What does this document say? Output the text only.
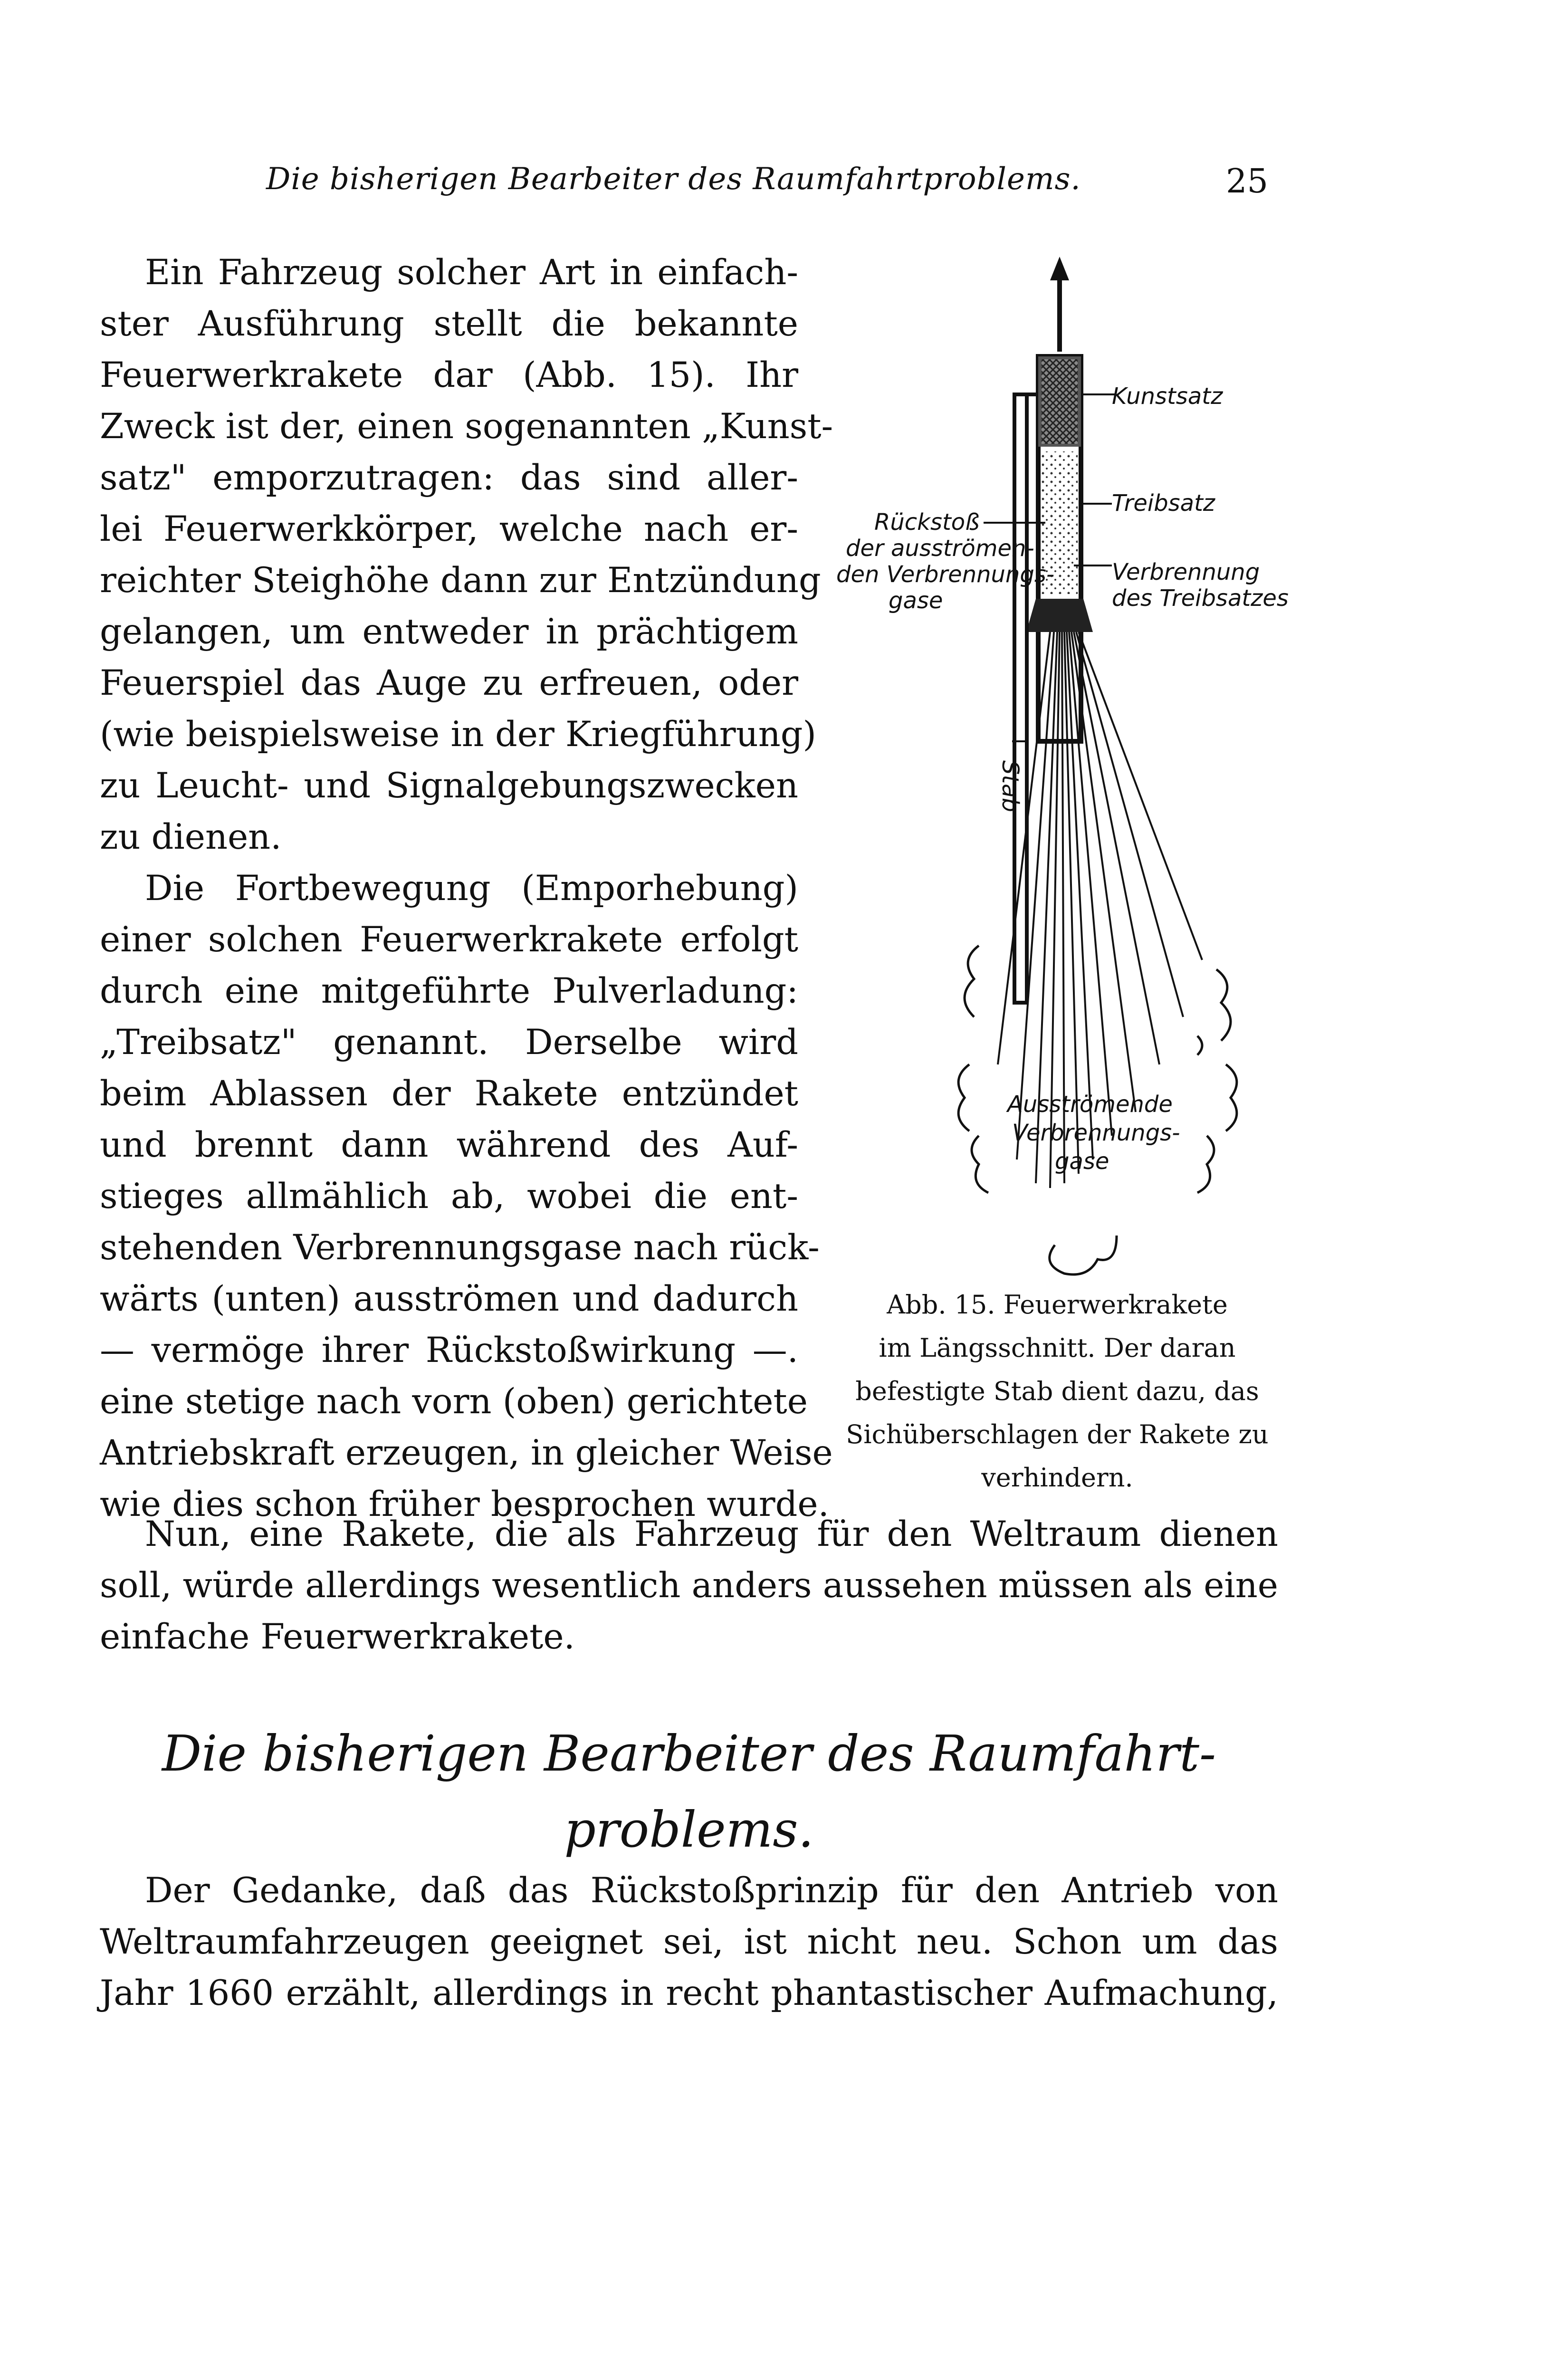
Die bisherigen Bearbeiter des Raumfahrtproblems.	25
Ein Fahrzeug solcher Art in einfach-
ster Ausführung stellt die bekannte
Feuerwerkrakete dar (Abb. 15). Ihr
Zweck ist der, einen sogenannten „Kunst-
satz" emporzutragen: das sind aller-
lei Feuerwerkkörper, welche nach er-
reichter Steighöhe dann zur Entzündung
gelangen, um entweder in prächtigem
Feuerspiel das Auge zu erfreuen, oder
(wie beispielsweise in der Kriegführung)
zu Leucht- und Signalgebungszwecken
zu dienen.
Die Fortbewegung (Emporhebung)
einer solchen Feuerwerkrakete erfolgt
durch eine mitgeführte Pulverladung:
„Treibsatz" genannt. Derselbe wird
beim Ablassen der Rakete entzündet
und brennt dann während des Auf-
stieges allmählich ab, wobei die ent-
stehenden Verbrennungsgase nach rück-
wärts (unten) ausströmen und dadurch
— vermöge ihrer Rückstoßwirkung —.
eine stetige nach vorn (oben) gerichtete
Antriebskraft erzeugen, in gleicher Weise
wie dies schon früher besprochen wurde.
Kunstsatz
Treibsatz
Verbrennung
des Treibsatzes
Rückstoß
der ausströmen-
den Verbrennungs-
gase
Stab
Ausströmende
Verbrennungs-
gase
Abb. 15. Feuerwerkrakete
im Längsschnitt. Der daran
befestigte Stab dient dazu, das
Sichüberschlagen der Rakete zu
verhindern.
Nun, eine Rakete, die als Fahrzeug für den Weltraum dienen
soll, würde allerdings wesentlich anders aussehen müssen als eine
einfache Feuerwerkrakete.
Die bisherigen Bearbeiter des Raumfahrt-
problems.
Der Gedanke, daß das Rückstoßprinzip für den Antrieb von
Weltraumfahrzeugen geeignet sei, ist nicht neu. Schon um das
Jahr 1660 erzählt, allerdings in recht phantastischer Aufmachung,
